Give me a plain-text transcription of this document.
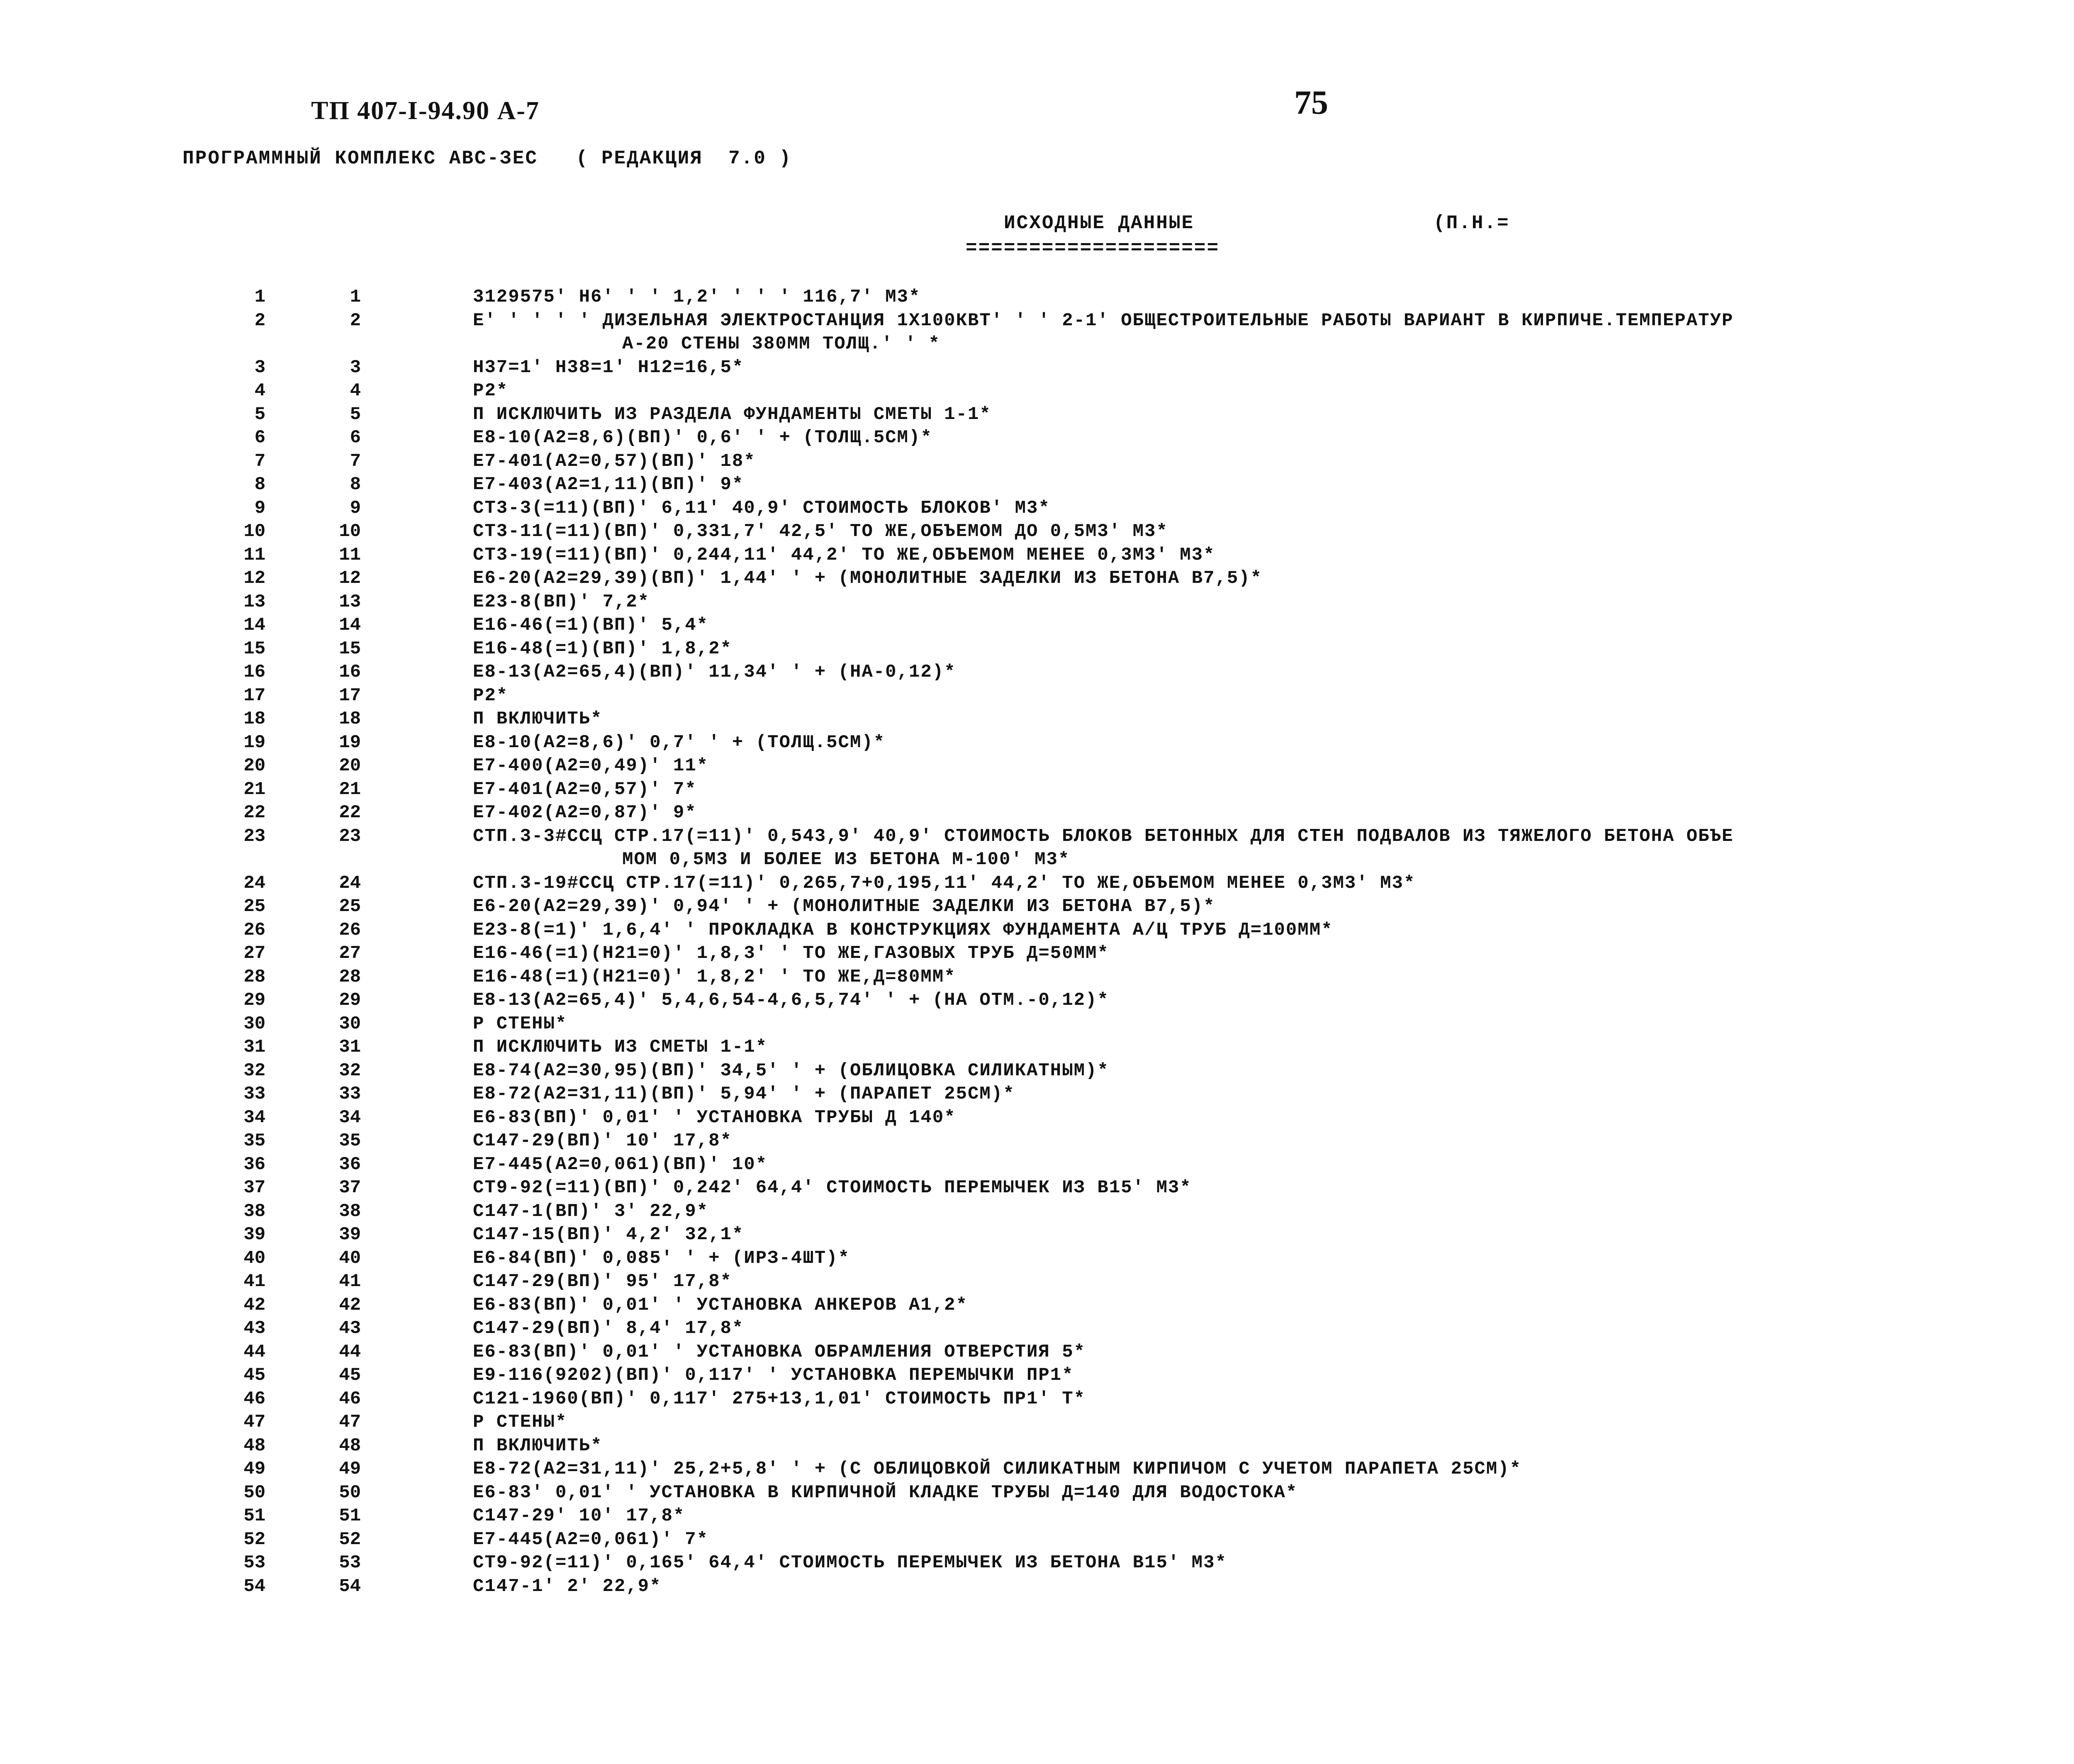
ТП 407-I-94.90 А-7	75
ПРОГРАММНЫЙ КОМПЛЕКС АВС-ЗЕС   ( РЕДАКЦИЯ  7.0 )
ИСХОДНЫЕ ДАННЫЕ
====================
(П.Н.=
1	1	3129575' Н6' ' ' 1,2' ' ' ' 116,7' М3*
2	2	Е' ' ' ' ' ДИЗЕЛЬНАЯ ЭЛЕКТРОСТАНЦИЯ 1Х100КВТ' ' ' 2-1' ОБЩЕСТРОИТЕЛЬНЫЕ РАБОТЫ ВАРИАНТ В КИРПИЧЕ.ТЕМПЕРАТУР
А-20 СТЕНЫ 380ММ ТОЛЩ.' ' *
3	3	Н37=1' Н38=1' Н12=16,5*
4	4	Р2*
5	5	П ИСКЛЮЧИТЬ ИЗ РАЗДЕЛА ФУНДАМЕНТЫ СМЕТЫ 1-1*
6	6	Е8-10(А2=8,6)(ВП)' 0,6' ' + (ТОЛЩ.5СМ)*
7	7	Е7-401(А2=0,57)(ВП)' 18*
8	8	Е7-403(А2=1,11)(ВП)' 9*
9	9	СТ3-3(=11)(ВП)' 6,11' 40,9' СТОИМОСТЬ БЛОКОВ' М3*
10	10	СТ3-11(=11)(ВП)' 0,331,7' 42,5' ТО ЖЕ,ОБЪЕМОМ ДО 0,5М3' М3*
11	11	СТ3-19(=11)(ВП)' 0,244,11' 44,2' ТО ЖЕ,ОБЪЕМОМ МЕНЕЕ 0,3М3' М3*
12	12	Е6-20(А2=29,39)(ВП)' 1,44' ' + (МОНОЛИТНЫЕ ЗАДЕЛКИ ИЗ БЕТОНА В7,5)*
13	13	Е23-8(ВП)' 7,2*
14	14	Е16-46(=1)(ВП)' 5,4*
15	15	Е16-48(=1)(ВП)' 1,8,2*
16	16	Е8-13(А2=65,4)(ВП)' 11,34' ' + (НА-0,12)*
17	17	Р2*
18	18	П ВКЛЮЧИТЬ*
19	19	Е8-10(А2=8,6)' 0,7' ' + (ТОЛЩ.5СМ)*
20	20	Е7-400(А2=0,49)' 11*
21	21	Е7-401(А2=0,57)' 7*
22	22	Е7-402(А2=0,87)' 9*
23	23	СТП.3-3#ССЦ СТР.17(=11)' 0,543,9' 40,9' СТОИМОСТЬ БЛОКОВ БЕТОННЫХ ДЛЯ СТЕН ПОДВАЛОВ ИЗ ТЯЖЕЛОГО БЕТОНА ОБЪЕ
МОМ 0,5М3 И БОЛЕЕ ИЗ БЕТОНА М-100' М3*
24	24	СТП.3-19#ССЦ СТР.17(=11)' 0,265,7+0,195,11' 44,2' ТО ЖЕ,ОБЪЕМОМ МЕНЕЕ 0,3М3' М3*
25	25	Е6-20(А2=29,39)' 0,94' ' + (МОНОЛИТНЫЕ ЗАДЕЛКИ ИЗ БЕТОНА В7,5)*
26	26	Е23-8(=1)' 1,6,4' ' ПРОКЛАДКА В КОНСТРУКЦИЯХ ФУНДАМЕНТА А/Ц ТРУБ Д=100ММ*
27	27	Е16-46(=1)(Н21=0)' 1,8,3' ' ТО ЖЕ,ГАЗОВЫХ ТРУБ Д=50ММ*
28	28	Е16-48(=1)(Н21=0)' 1,8,2' ' ТО ЖЕ,Д=80ММ*
29	29	Е8-13(А2=65,4)' 5,4,6,54-4,6,5,74' ' + (НА ОТМ.-0,12)*
30	30	Р СТЕНЫ*
31	31	П ИСКЛЮЧИТЬ ИЗ СМЕТЫ 1-1*
32	32	Е8-74(А2=30,95)(ВП)' 34,5' ' + (ОБЛИЦОВКА СИЛИКАТНЫМ)*
33	33	Е8-72(А2=31,11)(ВП)' 5,94' ' + (ПАРАПЕТ 25СМ)*
34	34	Е6-83(ВП)' 0,01' ' УСТАНОВКА ТРУБЫ Д 140*
35	35	С147-29(ВП)' 10' 17,8*
36	36	Е7-445(А2=0,061)(ВП)' 10*
37	37	СТ9-92(=11)(ВП)' 0,242' 64,4' СТОИМОСТЬ ПЕРЕМЫЧЕК ИЗ В15' М3*
38	38	С147-1(ВП)' 3' 22,9*
39	39	С147-15(ВП)' 4,2' 32,1*
40	40	Е6-84(ВП)' 0,085' ' + (ИРЗ-4ШТ)*
41	41	С147-29(ВП)' 95' 17,8*
42	42	Е6-83(ВП)' 0,01' ' УСТАНОВКА АНКЕРОВ А1,2*
43	43	С147-29(ВП)' 8,4' 17,8*
44	44	Е6-83(ВП)' 0,01' ' УСТАНОВКА ОБРАМЛЕНИЯ ОТВЕРСТИЯ 5*
45	45	Е9-116(9202)(ВП)' 0,117' ' УСТАНОВКА ПЕРЕМЫЧКИ ПР1*
46	46	С121-1960(ВП)' 0,117' 275+13,1,01' СТОИМОСТЬ ПР1' Т*
47	47	Р СТЕНЫ*
48	48	П ВКЛЮЧИТЬ*
49	49	Е8-72(А2=31,11)' 25,2+5,8' ' + (С ОБЛИЦОВКОЙ СИЛИКАТНЫМ КИРПИЧОМ С УЧЕТОМ ПАРАПЕТА 25СМ)*
50	50	Е6-83' 0,01' ' УСТАНОВКА В КИРПИЧНОЙ КЛАДКЕ ТРУБЫ Д=140 ДЛЯ ВОДОСТОКА*
51	51	С147-29' 10' 17,8*
52	52	Е7-445(А2=0,061)' 7*
53	53	СТ9-92(=11)' 0,165' 64,4' СТОИМОСТЬ ПЕРЕМЫЧЕК ИЗ БЕТОНА В15' М3*
54	54	С147-1' 2' 22,9*
